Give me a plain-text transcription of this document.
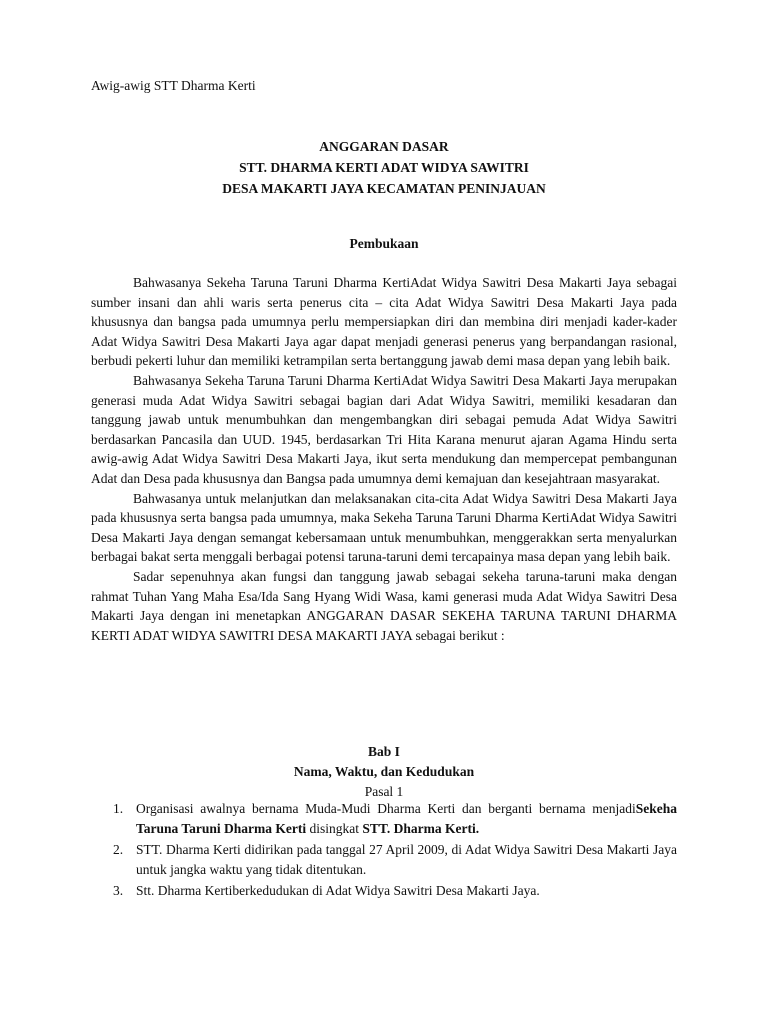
Awig-awig STT Dharma Kerti
ANGGARAN DASAR
STT. DHARMA KERTI ADAT WIDYA SAWITRI
DESA MAKARTI JAYA KECAMATAN PENINJAUAN
Pembukaan

Bahwasanya Sekeha Taruna Taruni Dharma KertiAdat Widya Sawitri Desa Makarti Jaya sebagai sumber insani dan ahli waris serta penerus cita – cita Adat Widya Sawitri Desa Makarti Jaya pada khususnya dan bangsa pada umumnya perlu mempersiapkan diri dan membina diri menjadi kader-kader Adat Widya Sawitri Desa Makarti Jaya agar dapat menjadi generasi penerus yang berpandangan rasional, berbudi pekerti luhur dan memiliki ketrampilan serta bertanggung jawab demi masa depan yang lebih baik.

Bahwasanya Sekeha Taruna Taruni Dharma KertiAdat Widya Sawitri Desa Makarti Jaya merupakan generasi muda Adat Widya Sawitri sebagai bagian dari Adat Widya Sawitri, memiliki kesadaran dan tanggung jawab untuk menumbuhkan dan mengembangkan diri sebagai pemuda Adat Widya Sawitri berdasarkan Pancasila dan UUD. 1945, berdasarkan Tri Hita Karana menurut ajaran Agama Hindu serta awig-awig Adat Widya Sawitri Desa Makarti Jaya, ikut serta mendukung dan mempercepat pembangunan Adat dan Desa pada khususnya dan Bangsa pada umumnya demi kemajuan dan kesejahtraan masyarakat.

Bahwasanya untuk melanjutkan dan melaksanakan cita-cita Adat Widya Sawitri Desa Makarti Jaya pada khususnya serta bangsa pada umumnya, maka Sekeha Taruna Taruni Dharma KertiAdat Widya Sawitri Desa Makarti Jaya dengan semangat kebersamaan untuk menumbuhkan, menggerakkan serta menyalurkan berbagai bakat serta menggali berbagai potensi taruna-taruni demi tercapainya masa depan yang lebih baik.

Sadar sepenuhnya akan fungsi dan tanggung jawab sebagai sekeha taruna-taruni maka dengan rahmat Tuhan Yang Maha Esa/Ida Sang Hyang Widi Wasa, kami generasi muda Adat Widya Sawitri Desa Makarti Jaya dengan ini menetapkan ANGGARAN DASAR SEKEHA TARUNA TARUNI DHARMA KERTI ADAT WIDYA SAWITRI DESA MAKARTI JAYA sebagai berikut :

Bab I
Nama, Waktu, dan Kedudukan
Pasal 1
1. Organisasi awalnya bernama Muda-Mudi Dharma Kerti dan berganti bernama menjadiSekeha Taruna Taruni Dharma Kerti disingkat STT. Dharma Kerti.
2. STT. Dharma Kerti didirikan pada tanggal 27 April 2009, di Adat Widya Sawitri Desa Makarti Jaya untuk jangka waktu yang tidak ditentukan.
3. Stt. Dharma Kertiberkedudukan di Adat Widya Sawitri Desa Makarti Jaya.
